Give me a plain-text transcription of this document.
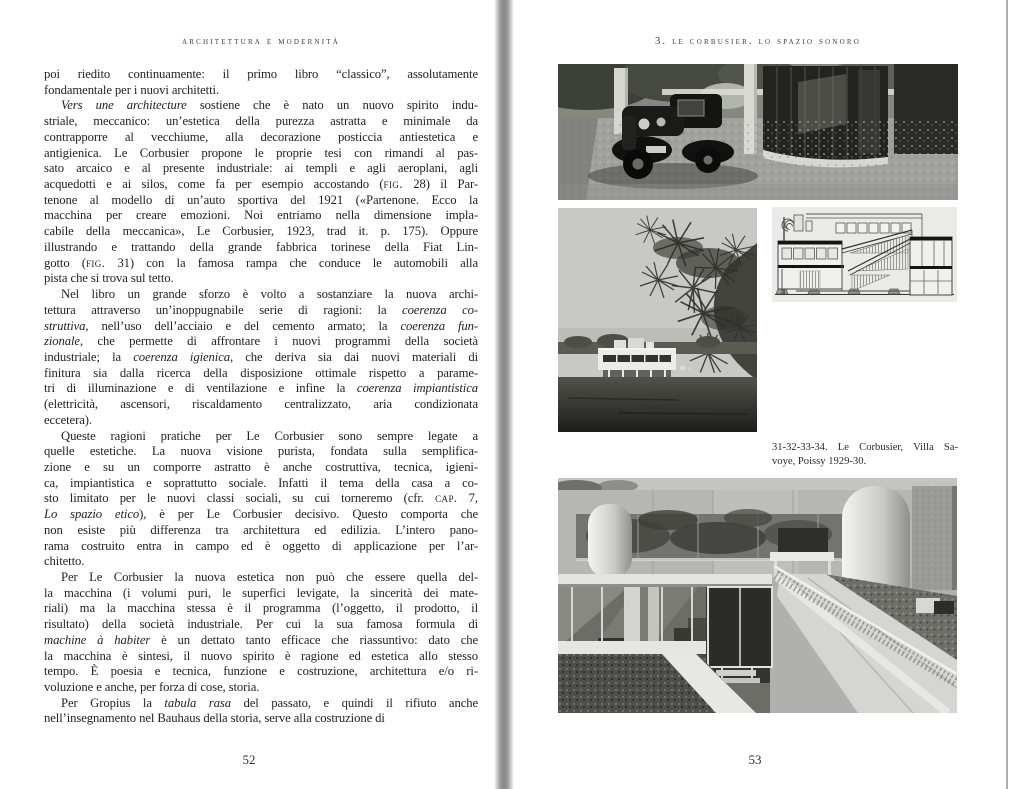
architettura e modernità
poi riedito continuamente: il primo libro “classico”, assolutamente
fondamentale per i nuovi architetti.
Vers une architecture sostiene che è nato un nuovo spirito indu-
striale, meccanico: un’estetica della purezza astratta e minimale da
contrapporre al vecchiume, alla decorazione posticcia antiestetica e
antigienica. Le Corbusier propone le proprie tesi con rimandi al pas-
sato arcaico e al presente industriale: ai templi e agli aeroplani, agli
acquedotti e ai silos, come fa per esempio accostando (fig. 28) il Par-
tenone al modello di un’auto sportiva del 1921 («Partenone. Ecco la
macchina per creare emozioni. Noi entriamo nella dimensione impla-
cabile della meccanica», Le Corbusier, 1923, trad it. p. 175). Oppure
illustrando e trattando della grande fabbrica torinese della Fiat Lin-
gotto (fig. 31) con la famosa rampa che conduce le automobili alla
pista che si trova sul tetto.
Nel libro un grande sforzo è volto a sostanziare la nuova archi-
tettura attraverso un’inoppugnabile serie di ragioni: la coerenza co-
struttiva, nell’uso dell’acciaio e del cemento armato; la coerenza fun-
zionale, che permette di affrontare i nuovi programmi della società
industriale; la coerenza igienica, che deriva sia dai nuovi materiali di
finitura sia dalla ricerca della disposizione ottimale rispetto a parame-
tri di illuminazione e di ventilazione e infine la coerenza impiantistica
(elettricità, ascensori, riscaldamento centralizzato, aria condizionata
eccetera).
Queste ragioni pratiche per Le Corbusier sono sempre legate a
quelle estetiche. La nuova visione purista, fondata sulla semplifica-
zione e su un comporre astratto è anche costruttiva, tecnica, igieni-
ca, impiantistica e soprattutto sociale. Infatti il tema della casa a co-
sto limitato per le nuovi classi sociali, su cui torneremo (cfr. cap. 7,
Lo spazio etico), è per Le Corbusier decisivo. Questo comporta che
non esiste più differenza tra architettura ed edilizia. L’intero pano-
rama costruito entra in campo ed è oggetto di applicazione per l’ar-
chitetto.
Per Le Corbusier la nuova estetica non può che essere quella del-
la macchina (i volumi puri, le superfici levigate, la sincerità dei mate-
riali) ma la macchina stessa è il programma (l’oggetto, il prodotto, il
risultato) della società industriale. Per cui la sua famosa formula di
machine à habiter è un dettato tanto efficace che riassuntivo: dato che
la macchina è sintesi, il nuovo spirito è ragione ed estetica allo stesso
tempo. È poesia e tecnica, funzione e costruzione, architettura e/o ri-
voluzione e anche, per forza di cose, storia.
Per Gropius la tabula rasa del passato, e quindi il rifiuto anche
nell’insegnamento nel Bauhaus della storia, serve alla costruzione di
52
3. le corbusier. lo spazio sonoro
31-32-33-34. Le Corbusier, Villa Sa-
voye, Poissy 1929-30.
53
